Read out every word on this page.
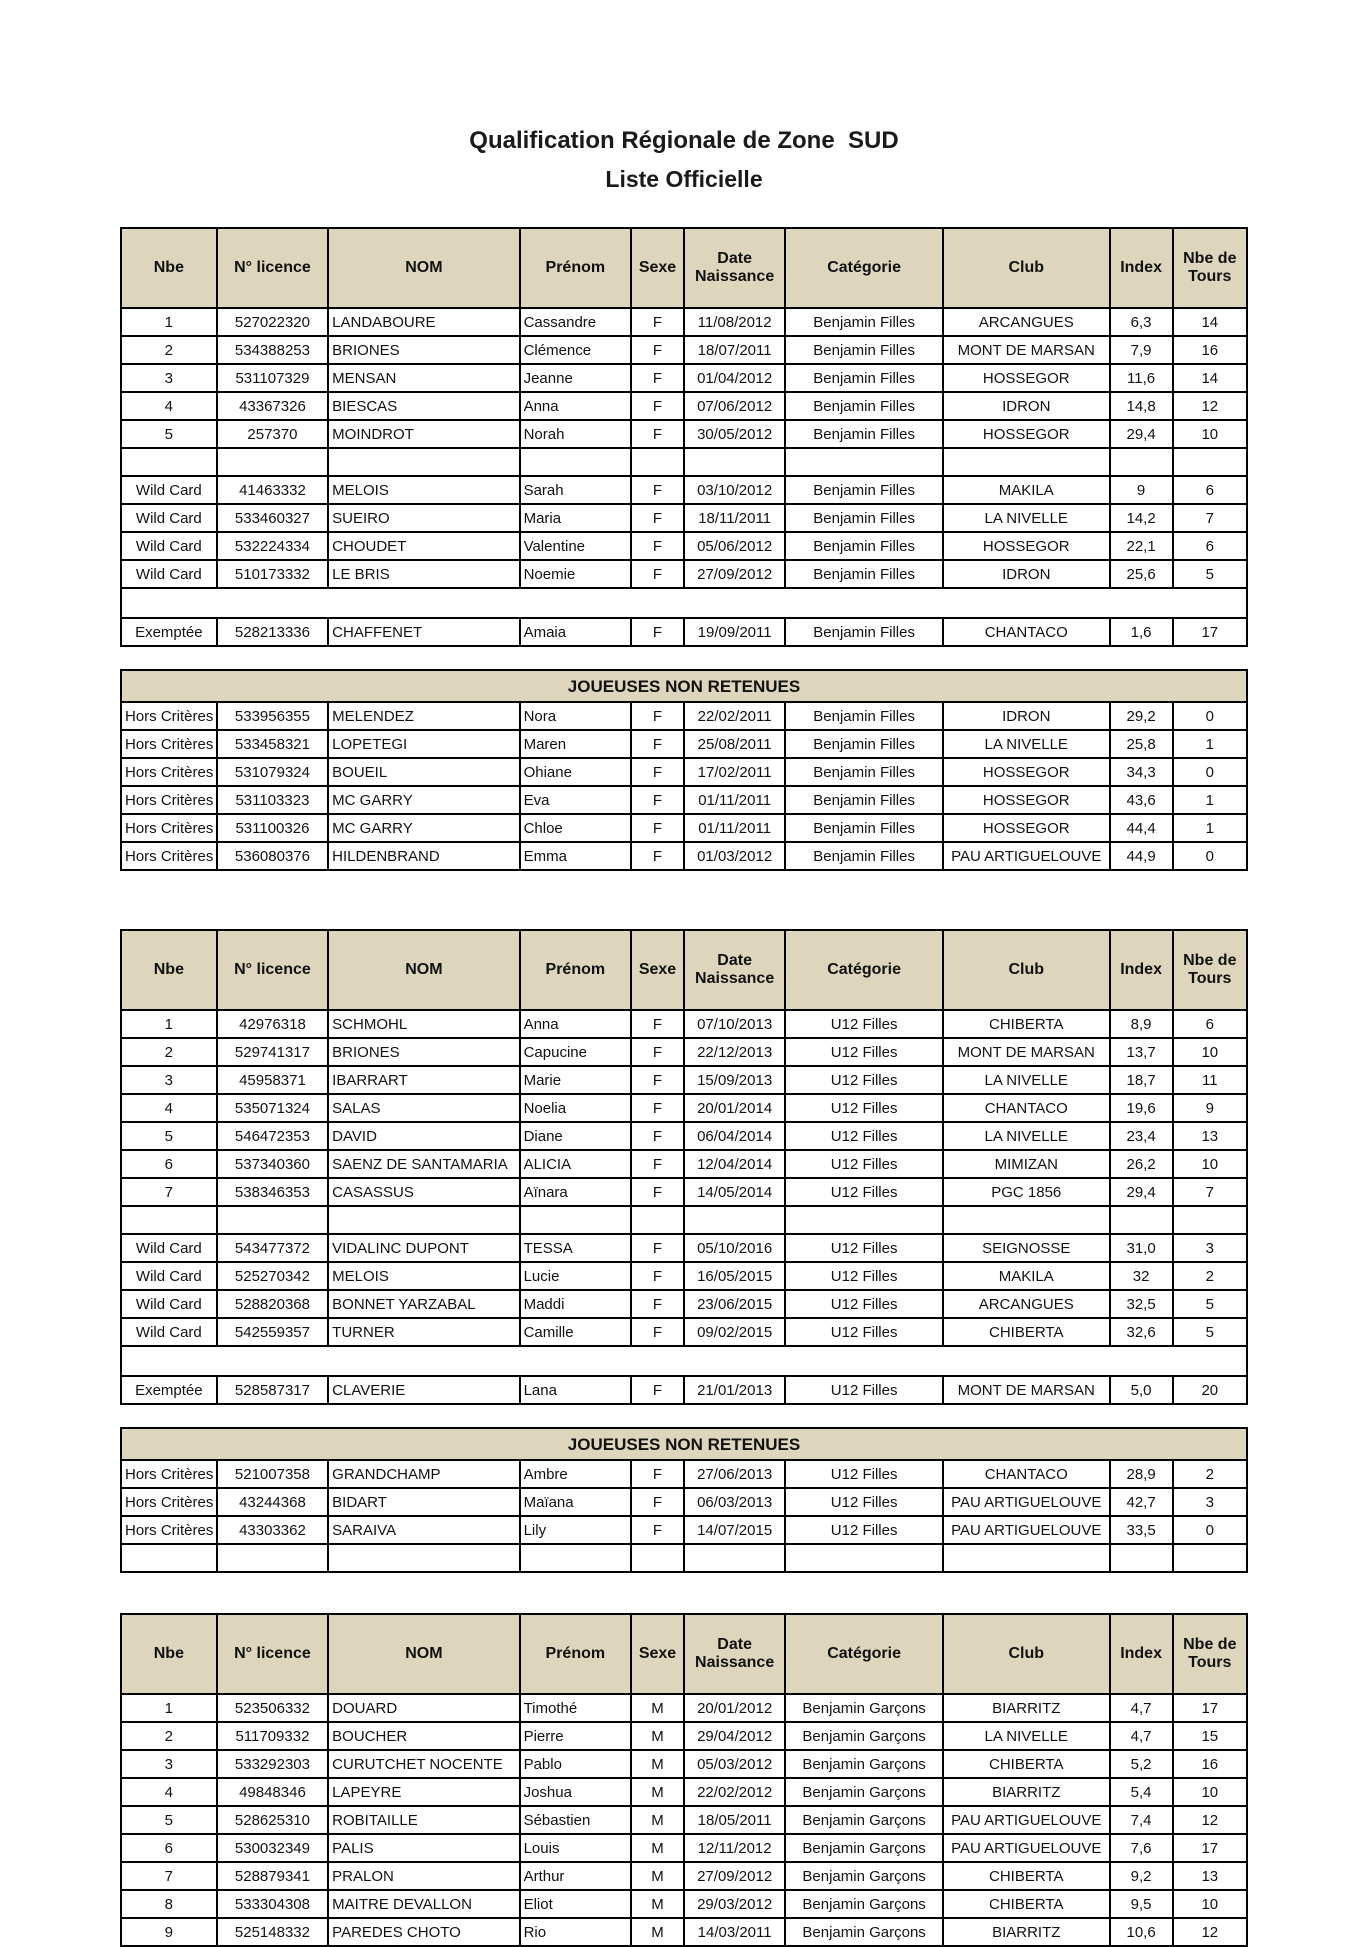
Qualification Régionale de Zone  SUD
Liste Officielle
Nbe	N° licence	NOM	Prénom	Sexe	Date Naissance	Catégorie	Club	Index	Nbe de Tours
1	527022320	LANDABOURE	Cassandre	F	11/08/2012	Benjamin Filles	ARCANGUES	6,3	14
2	534388253	BRIONES	Clémence	F	18/07/2011	Benjamin Filles	MONT DE MARSAN	7,9	16
3	531107329	MENSAN	Jeanne	F	01/04/2012	Benjamin Filles	HOSSEGOR	11,6	14
4	43367326	BIESCAS	Anna	F	07/06/2012	Benjamin Filles	IDRON	14,8	12
5	257370	MOINDROT	Norah	F	30/05/2012	Benjamin Filles	HOSSEGOR	29,4	10

Wild Card	41463332	MELOIS	Sarah	F	03/10/2012	Benjamin Filles	MAKILA	9	6
Wild Card	533460327	SUEIRO	Maria	F	18/11/2011	Benjamin Filles	LA NIVELLE	14,2	7
Wild Card	532224334	CHOUDET	Valentine	F	05/06/2012	Benjamin Filles	HOSSEGOR	22,1	6
Wild Card	510173332	LE BRIS	Noemie	F	27/09/2012	Benjamin Filles	IDRON	25,6	5

Exemptée	528213336	CHAFFENET	Amaia	F	19/09/2011	Benjamin Filles	CHANTACO	1,6	17

JOUEUSES NON RETENUES									
Hors Critères	533956355	MELENDEZ	Nora	F	22/02/2011	Benjamin Filles	IDRON	29,2	0
Hors Critères	533458321	LOPETEGI	Maren	F	25/08/2011	Benjamin Filles	LA NIVELLE	25,8	1
Hors Critères	531079324	BOUEIL	Ohiane	F	17/02/2011	Benjamin Filles	HOSSEGOR	34,3	0
Hors Critères	531103323	MC GARRY	Eva	F	01/11/2011	Benjamin Filles	HOSSEGOR	43,6	1
Hors Critères	531100326	MC GARRY	Chloe	F	01/11/2011	Benjamin Filles	HOSSEGOR	44,4	1
Hors Critères	536080376	HILDENBRAND	Emma	F	01/03/2012	Benjamin Filles	PAU ARTIGUELOUVE	44,9	0
Nbe	N° licence	NOM	Prénom	Sexe	Date Naissance	Catégorie	Club	Index	Nbe de Tours
1	42976318	SCHMOHL	Anna	F	07/10/2013	U12 Filles	CHIBERTA	8,9	6
2	529741317	BRIONES	Capucine	F	22/12/2013	U12 Filles	MONT DE MARSAN	13,7	10
3	45958371	IBARRART	Marie	F	15/09/2013	U12 Filles	LA NIVELLE	18,7	11
4	535071324	SALAS	Noelia	F	20/01/2014	U12 Filles	CHANTACO	19,6	9
5	546472353	DAVID	Diane	F	06/04/2014	U12 Filles	LA NIVELLE	23,4	13
6	537340360	SAENZ DE SANTAMARIA	ALICIA	F	12/04/2014	U12 Filles	MIMIZAN	26,2	10
7	538346353	CASASSUS	Aïnara	F	14/05/2014	U12 Filles	PGC 1856	29,4	7

Wild Card	543477372	VIDALINC DUPONT	TESSA	F	05/10/2016	U12 Filles	SEIGNOSSE	31,0	3
Wild Card	525270342	MELOIS	Lucie	F	16/05/2015	U12 Filles	MAKILA	32	2
Wild Card	528820368	BONNET YARZABAL	Maddi	F	23/06/2015	U12 Filles	ARCANGUES	32,5	5
Wild Card	542559357	TURNER	Camille	F	09/02/2015	U12 Filles	CHIBERTA	32,6	5

Exemptée	528587317	CLAVERIE	Lana	F	21/01/2013	U12 Filles	MONT DE MARSAN	5,0	20

JOUEUSES NON RETENUES									
Hors Critères	521007358	GRANDCHAMP	Ambre	F	27/06/2013	U12 Filles	CHANTACO	28,9	2
Hors Critères	43244368	BIDART	Maïana	F	06/03/2013	U12 Filles	PAU ARTIGUELOUVE	42,7	3
Hors Critères	43303362	SARAIVA	Lily	F	14/07/2015	U12 Filles	PAU ARTIGUELOUVE	33,5	0

Nbe	N° licence	NOM	Prénom	Sexe	Date Naissance	Catégorie	Club	Index	Nbe de Tours
1	523506332	DOUARD	Timothé	M	20/01/2012	Benjamin Garçons	BIARRITZ	4,7	17
2	511709332	BOUCHER	Pierre	M	29/04/2012	Benjamin Garçons	LA NIVELLE	4,7	15
3	533292303	CURUTCHET NOCENTE	Pablo	M	05/03/2012	Benjamin Garçons	CHIBERTA	5,2	16
4	49848346	LAPEYRE	Joshua	M	22/02/2012	Benjamin Garçons	BIARRITZ	5,4	10
5	528625310	ROBITAILLE	Sébastien	M	18/05/2011	Benjamin Garçons	PAU ARTIGUELOUVE	7,4	12
6	530032349	PALIS	Louis	M	12/11/2012	Benjamin Garçons	PAU ARTIGUELOUVE	7,6	17
7	528879341	PRALON	Arthur	M	27/09/2012	Benjamin Garçons	CHIBERTA	9,2	13
8	533304308	MAITRE DEVALLON	Eliot	M	29/03/2012	Benjamin Garçons	CHIBERTA	9,5	10
9	525148332	PAREDES CHOTO	Rio	M	14/03/2011	Benjamin Garçons	BIARRITZ	10,6	12
